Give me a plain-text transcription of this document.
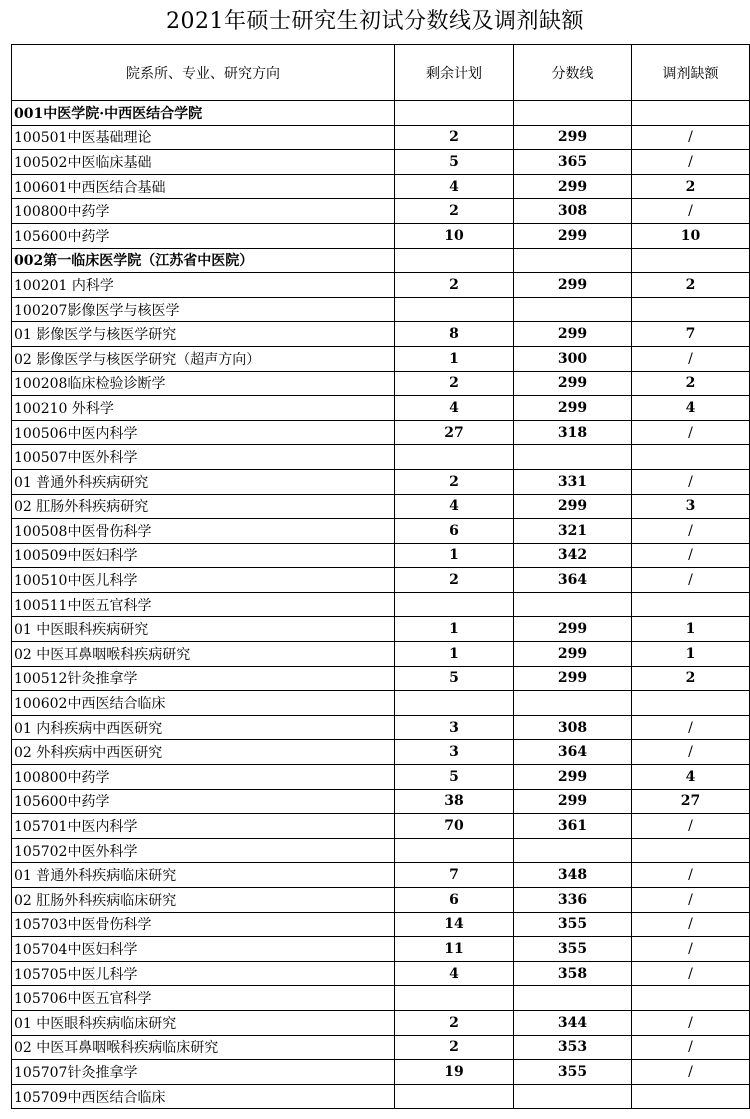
2021年硕士研究生初试分数线及调剂缺额
院系所、专业、研究方向	剩余计划	分数线	调剂缺额
001中医学院·中西医结合学院			
100501中医基础理论	2	299	/
100502中医临床基础	5	365	/
100601中西医结合基础	4	299	2
100800中药学	2	308	/
105600中药学	10	299	10
002第一临床医学院（江苏省中医院）			
100201 内科学	2	299	2
100207影像医学与核医学			
01 影像医学与核医学研究	8	299	7
02 影像医学与核医学研究（超声方向）	1	300	/
100208临床检验诊断学	2	299	2
100210 外科学	4	299	4
100506中医内科学	27	318	/
100507中医外科学			
01 普通外科疾病研究	2	331	/
02 肛肠外科疾病研究	4	299	3
100508中医骨伤科学	6	321	/
100509中医妇科学	1	342	/
100510中医儿科学	2	364	/
100511中医五官科学			
01 中医眼科疾病研究	1	299	1
02 中医耳鼻咽喉科疾病研究	1	299	1
100512针灸推拿学	5	299	2
100602中西医结合临床			
01 内科疾病中西医研究	3	308	/
02 外科疾病中西医研究	3	364	/
100800中药学	5	299	4
105600中药学	38	299	27
105701中医内科学	70	361	/
105702中医外科学			
01 普通外科疾病临床研究	7	348	/
02 肛肠外科疾病临床研究	6	336	/
105703中医骨伤科学	14	355	/
105704中医妇科学	11	355	/
105705中医儿科学	4	358	/
105706中医五官科学			
01 中医眼科疾病临床研究	2	344	/
02 中医耳鼻咽喉科疾病临床研究	2	353	/
105707针灸推拿学	19	355	/
105709中西医结合临床			
